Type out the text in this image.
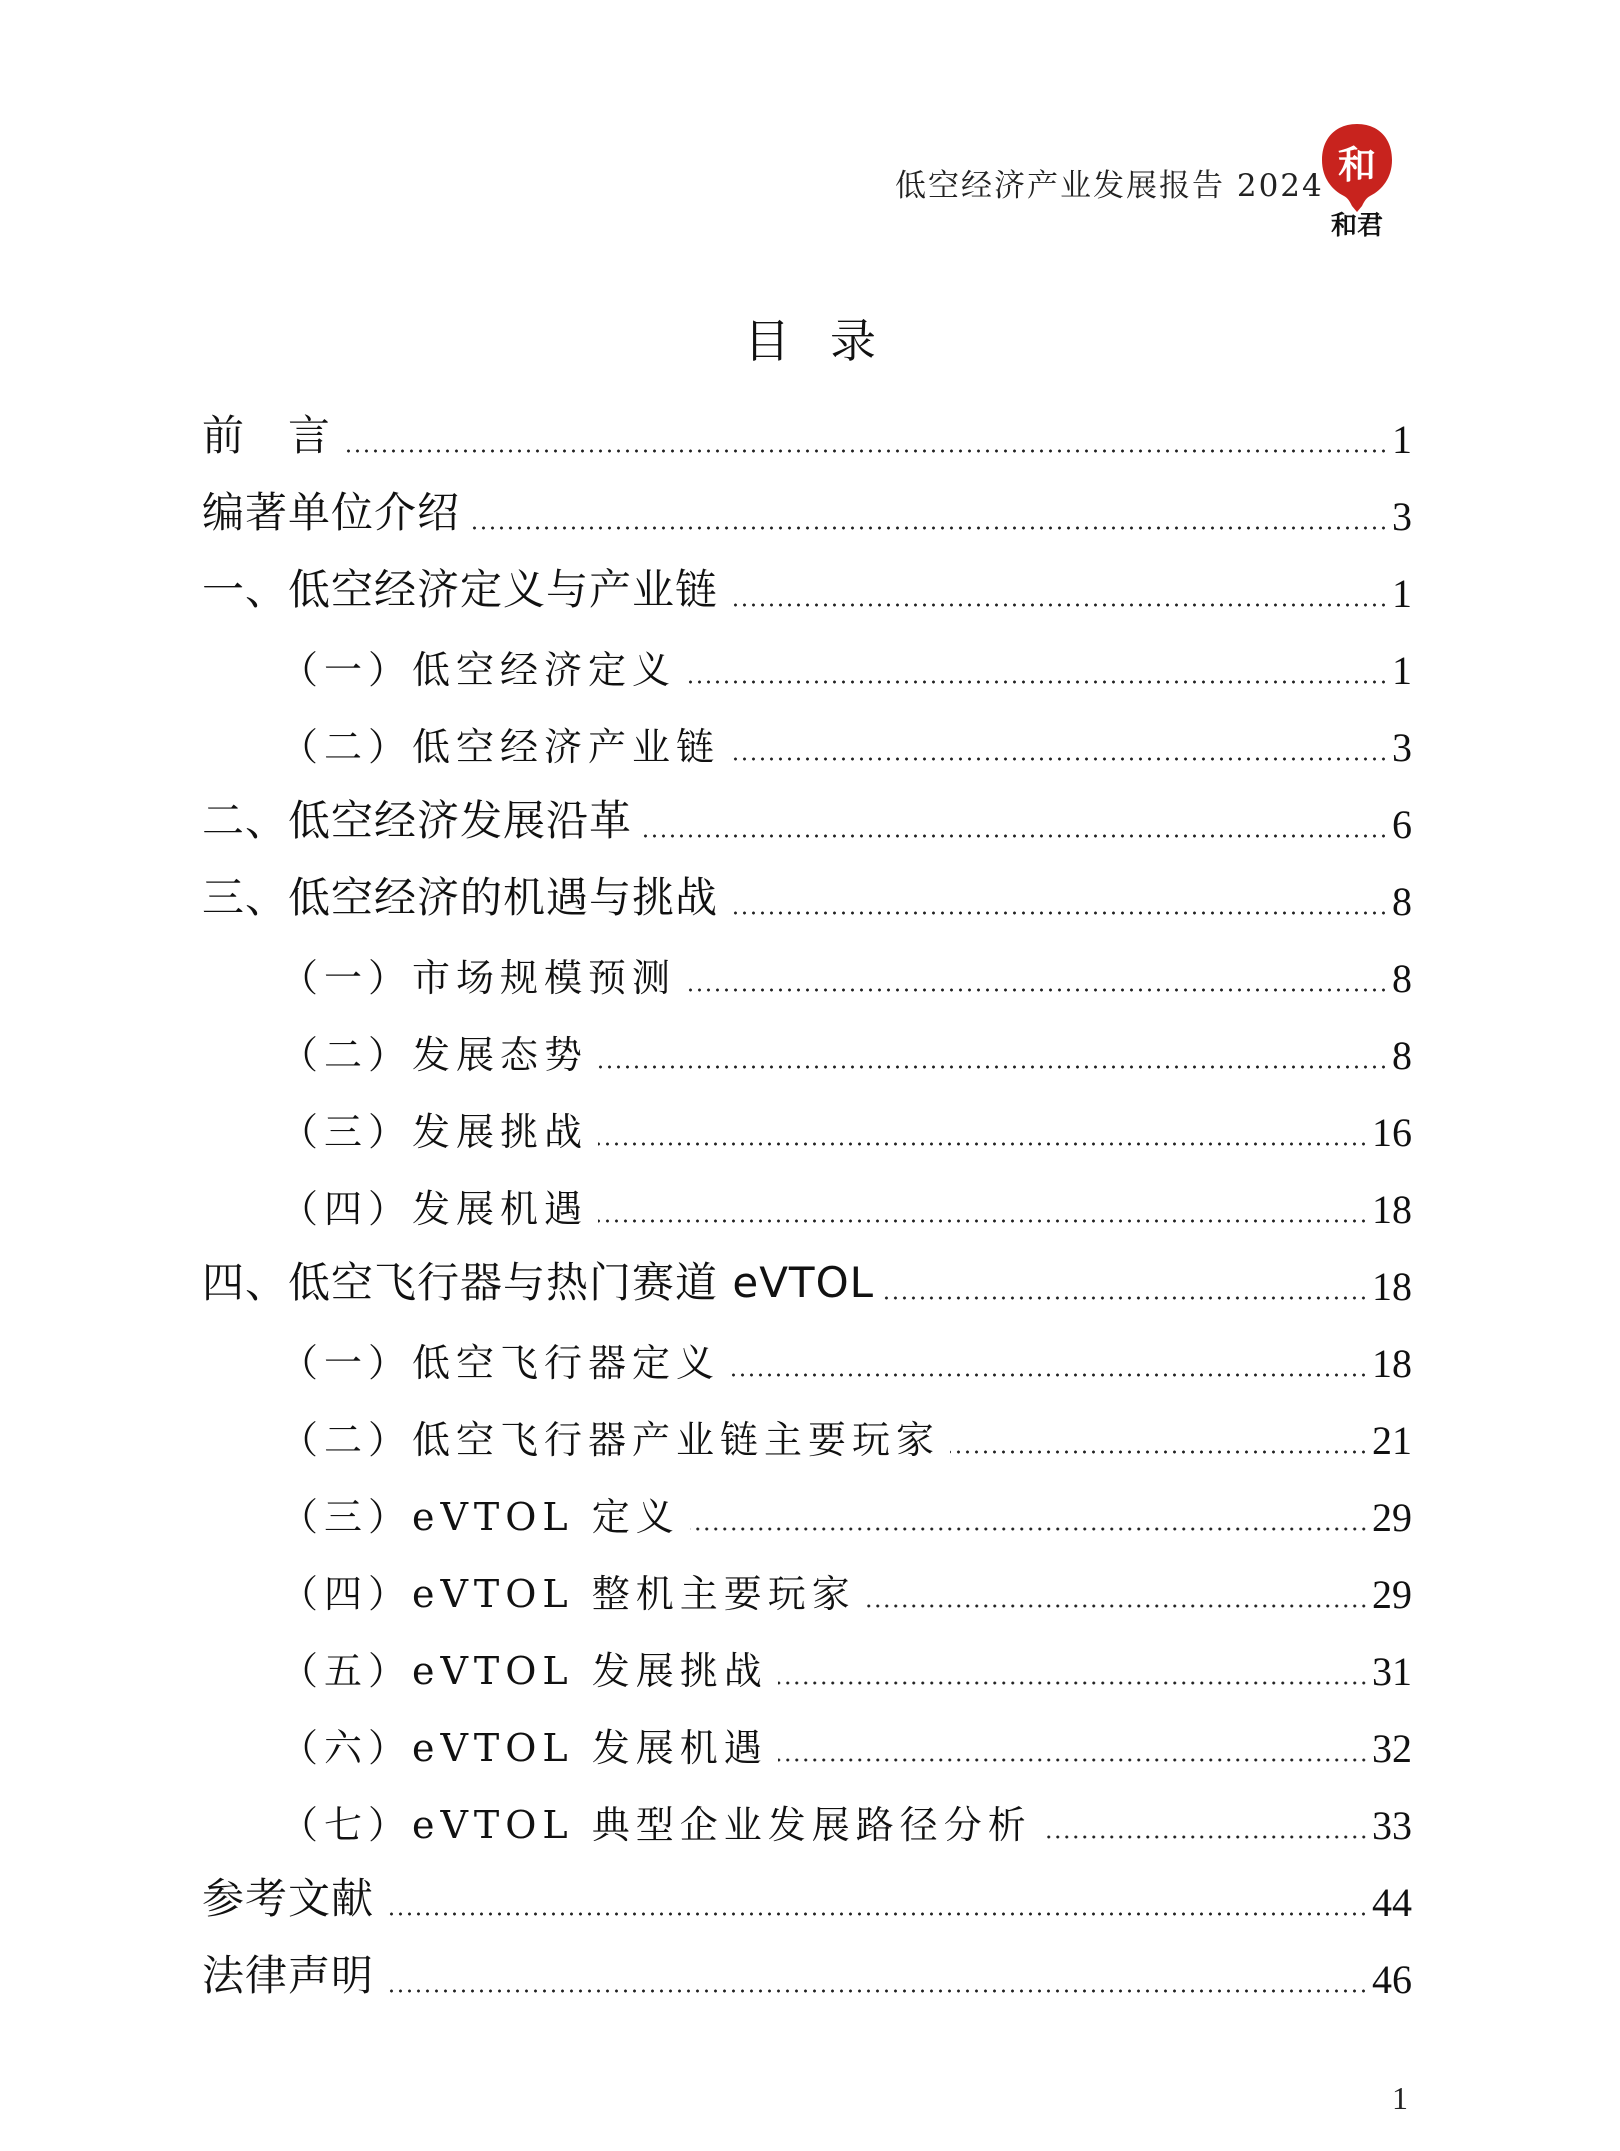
低空经济产业发展报告 2024 和
和君
目录
前　言	1
编著单位介绍	3
一、低空经济定义与产业链	1
（一）低空经济定义	1
（二）低空经济产业链	3
二、低空经济发展沿革	6
三、低空经济的机遇与挑战	8
（一）市场规模预测	8
（二）发展态势	8
（三）发展挑战	16
（四）发展机遇	18
四、低空飞行器与热门赛道 eVTOL	18
（一）低空飞行器定义	18
（二）低空飞行器产业链主要玩家	21
（三）eVTOL 定义	29
（四）eVTOL 整机主要玩家	29
（五）eVTOL 发展挑战	31
（六）eVTOL 发展机遇	32
（七）eVTOL 典型企业发展路径分析	33
参考文献	44
法律声明	46
1
